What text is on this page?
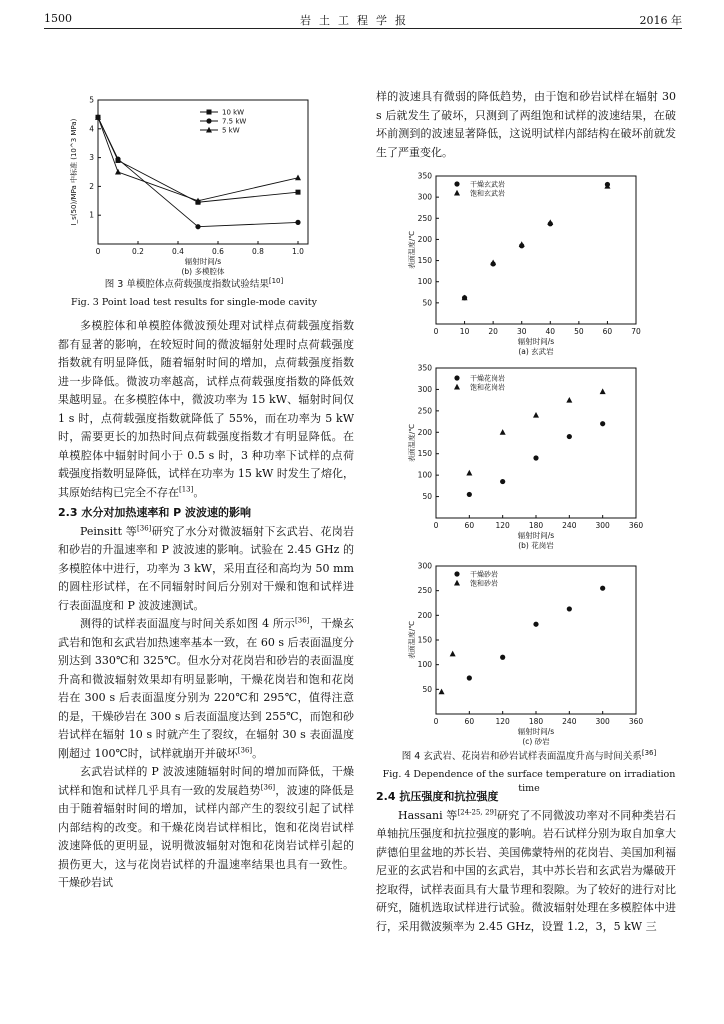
1500	岩土工程学报	2016 年
0	0.2	0.4	0.6	0.8	1.0
1
2
3
4
5
辐射时间/s
(b) 多模腔体
I_s(50)/MPa 中标准 (10^3 MPa)
10 kW
7.5 kW
5 kW
图 3 单模腔体点荷载强度指数试验结果[10]
Fig. 3 Point load test results for single-mode cavity

多模腔体和单模腔体微波预处理对试样点荷载强度指数都有显著的影响，在较短时间的微波辐射处理时点荷载强度指数就有明显降低，随着辐射时间的增加，点荷载强度指数进一步降低。微波功率越高，试样点荷载强度指数的降低效果越明显。在多模腔体中，微波功率为 15 kW、辐射时间仅 1 s 时，点荷载强度指数就降低了 55%，而在功率为 5 kW 时，需要更长的加热时间点荷载强度指数才有明显降低。在单模腔体中辐射时间小于 0.5 s 时，3 种功率下试样的点荷载强度指数明显降低，试样在功率为 15 kW 时发生了熔化，其原始结构已完全不存在[13]。

2.3 水分对加热速率和 P 波波速的影响

Peinsitt 等[36]研究了水分对微波辐射下玄武岩、花岗岩和砂岩的升温速率和 P 波波速的影响。试验在 2.45 GHz 的多模腔体中进行，功率为 3 kW，采用直径和高均为 50 mm 的圆柱形试样，在不同辐射时间后分别对干燥和饱和试样进行表面温度和 P 波波速测试。

测得的试样表面温度与时间关系如图 4 所示[36]，干燥玄武岩和饱和玄武岩加热速率基本一致，在 60 s 后表面温度分别达到 330℃和 325℃。但水分对花岗岩和砂岩的表面温度升高和微波辐射效果却有明显影响，干燥花岗岩和饱和花岗岩在 300 s 后表面温度分别为 220℃和 295℃，值得注意的是，干燥砂岩在 300 s 后表面温度达到 255℃，而饱和砂岩试样在辐射 10 s 时就产生了裂纹，在辐射 30 s 表面温度刚超过 100℃时，试样就崩开并破坏[36]。

玄武岩试样的 P 波波速随辐射时间的增加而降低，干燥试样和饱和试样几乎具有一致的发展趋势[36]，波速的降低是由于随着辐射时间的增加，试样内部产生的裂纹引起了试样内部结构的改变。和干燥花岗岩试样相比，饱和花岗岩试样波速降低的更明显，说明微波辐射对饱和花岗岩试样引起的损伤更大，这与花岗岩试样的升温速率结果也具有一致性。干燥砂岩试

样的波速具有微弱的降低趋势，由于饱和砂岩试样在辐射 30 s 后就发生了破坏，只测到了两组饱和试样的波速结果，在破坏前测到的波速显著降低，这说明试样内部结构在破坏前就发生了严重变化。

0	10	20	30	40	50	60	70
50
100
150
200
250
300
350
辐射时间/s
(a) 玄武岩
表面温度/℃
干燥玄武岩
饱和玄武岩
0	60	120	180	240	300	360
50
100
150
200
250
300
350
辐射时间/s
(b) 花岗岩
表面温度/℃
干燥花岗岩
饱和花岗岩
0	60	120	180	240	300	360
50
100
150
200
250
300
辐射时间/s
(c) 砂岩
表面温度/℃
干燥砂岩
饱和砂岩
图 4 玄武岩、花岗岩和砂岩试样表面温度升高与时间关系[36]
Fig. 4 Dependence of the surface temperature on irradiation time
2.4 抗压强度和抗拉强度

Hassani 等[24-25, 29]研究了不同微波功率对不同种类岩石单轴抗压强度和抗拉强度的影响。岩石试样分别为取自加拿大萨德伯里盆地的苏长岩、美国佛蒙特州的花岗岩、美国加利福尼亚的玄武岩和中国的玄武岩，其中苏长岩和玄武岩为爆破开挖取得，试样表面具有大量节理和裂隙。为了较好的进行对比研究，随机选取试样进行试验。微波辐射处理在多模腔体中进行，采用微波频率为 2.45 GHz，设置 1.2，3，5 kW 三
